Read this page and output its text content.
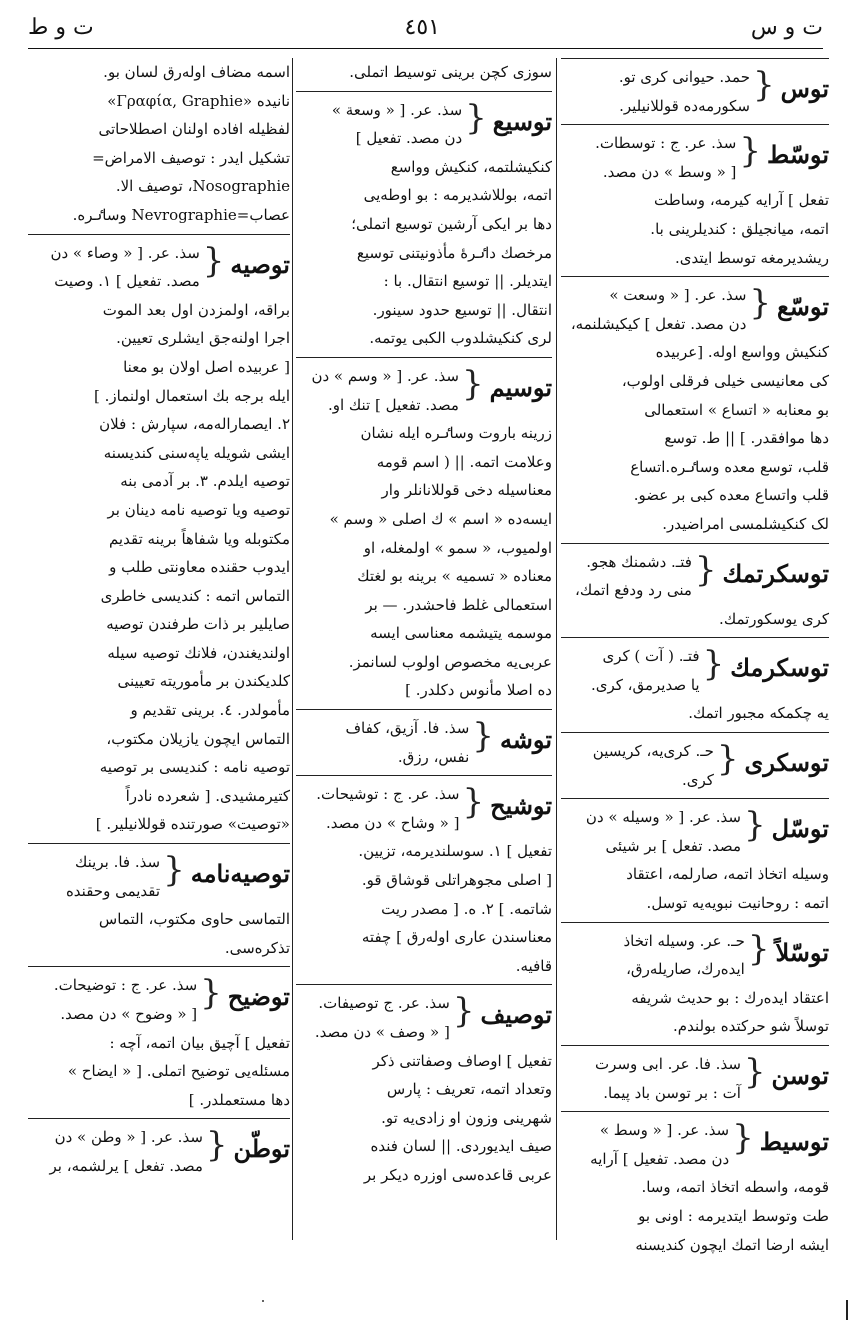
ت و ط	٤٥١	ت و س
توس
{
حمد. حیوانی کری تو.
سکورمه‌ده قوللانیلیر.
توسّط
{
سذ. عر. ج : توسطات.
[ « وسط » دن مصد.
تفعل ] آرایه کیرمه، وساطت
اتمه، میانجیلق : کندیلرینی با.
ریشدیرمغه توسط ایتدی.
توسّع
{
سذ. عر. [ « وسعت »
دن مصد. تفعل ] کیکیشلنمه،
کنکیش وواسع اوله. [عربیده
کی معانیسی خیلی فرقلی اولوب،
بو معنابه « اتساع » استعمالی
دها موافقدر. ] || ط. توسع
قلب، توسع معده وساٸره.اتساع
قلب واتساع معده کبی بر عضو.
لک کنکیشلمسی امراضیدر.
توسکرتمك
{
فتـ. دشمنك هجو.
منی رد ودفع اتمك،
کری یوسکورتمك.
توسکرمك
{
فتـ. ( آت ) کری
یا صدیرمق، کری.
یه چکمکه مجبور اتمك.
توسکری
{
حـ. کری‌یه، کریسین
کری.
توسّل
{
سذ. عر. [ « وسیله » دن
مصد. تفعل ] بر شیئی
وسیله اتخاذ اتمه، صارلمه، اعتقاد
اتمه : روحانیت نبویه‌یه توسل.
توسّلاً
{
حـ. عر. وسیله اتخاذ
ایده‌رك، صاریله‌رق،
اعتقاد ایده‌رك : بو حدیث شریفه
توسلاً شو حرکتده بولندم.
توسن
{
سذ. فا. عر. ابی وسرت
آت : بر توسن باد پیما.
توسیط
{
سذ. عر. [ « وسط »
دن مصد. تفعیل ] آرایه
قومه، واسطه اتخاذ اتمه، وسا.
طت وتوسط ایتدیرمه : اونی بو
ایشه ارضا اتمك ایچون کندیسنه
سوزی کچن برینی توسیط اتملی.
توسیع
{
سذ. عر. [ « وسعة »
دن مصد. تفعیل ]
کنکیشلتمه، کنکیش وواسع
اتمه، بوللاشدیرمه : بو اوطه‌یی
دها بر ایکی آرشین توسیع اتملی؛
مرخصك داٸرهٔ مأذونیتنی توسیع
ایتدیلر. || توسیع انتقال. با :
انتقال. || توسیع حدود سینور.
لری کنکیشلدوب الکبی یوتمه.
توسیم
{
سذ. عر. [ « وسم » دن
مصد. تفعیل ] تنك او.
زرینه باروت وساٸره ایله نشان
وعلامت اتمه. || ( اسم قومه
معناسیله دخی قوللانانلر وار
ایسه‌ده « اسم » ك اصلی « وسم »
اولمیوب، « سمو » اولمغله، او
معناده « تسمیه » برینه بو لغتك
استعمالی غلط فاحشدر. — بر
موسمه یتیشمه معناسی ایسه
عربی‌یه مخصوص اولوب لسانمز.
ده اصلا مأنوس دکلدر. ]
توشه
{
سذ. فا. آزیق، کفاف
نفس، رزق.
توشیح
{
سذ. عر. ج : توشیحات.
[ « وشاح » دن مصد.
تفعیل ] ١. سوسلندیرمه، تزیین.
[ اصلی مجوهراتلی قوشاق قو.
شاتمه. ] ٢. ه. [ مصدر ریت
معناسندن عاری اوله‌رق ] چفته
قافیه.
توصیف
{
سذ. عر. ج توصیفات.
[ « وصف » دن مصد.
تفعیل ] اوصاف وصفاتنی ذکر
وتعداد اتمه، تعریف : پارس
شهرینی وزون او زادی‌یه تو.
صیف ایدیوردی. || لسان فنده
عربی قاعده‌سی اوزره دیکر بر
اسمه مضاف اوله‌رق لسان بو.
نانیده «Γραφία, Graphie»
لفظیله افاده اولنان اصطلاحاتی
تشکیل ایدر : توصیف الامراض=
Nosographie، توصیف الا.
عصاب=Nevrographie وساٸره.
توصیه
{
سذ. عر. [ « وصاء » دن
مصد. تفعیل ] ١. وصیت
براقه، اولمزدن اول بعد الموت
اجرا اولنه‌جق ایشلری تعیین.
[ عربیده اصل اولان بو معنا
ایله برجه بك استعمال اولنماز. ]
٢. ایصماراله‌مه، سپارش : فلان
ایشی شویله یاپه‌سنی کندیسنه
توصیه ایلدم. ٣. بر آدمی بنه
توصیه ویا توصیه نامه دینان بر
مکتوبله ویا شفاهاً برینه تقدیم
ایدوب حقنده معاونتی طلب و
التماس اتمه : کندیسی خاطری
صایلیر بر ذات طرفندن توصیه
اولندیغندن، فلانك توصیه سیله
کلدیکندن بر مأموریته تعیینی
مأمولدر. ٤. برینی تقدیم و
التماس ایچون یازیلان مکتوب،
توصیه نامه : کندیسی بر توصیه
کتیرمشیدی. [ شعرده نادراً
«توصیت» صورتنده قوللانیلیر. ]
توصیه‌نامه
{
سذ. فا. برینك
تقدیمی وحقنده
التماسی حاوی مکتوب، التماس
تذکره‌سی.
توضیح
{
سذ. عر. ج : توضیحات.
[ « وضوح » دن مصد.
تفعیل ] آچیق بیان اتمه، آچه :
مسئله‌یی توضیح اتملی. [ « ایضاح »
دها مستعملدر. ]
توطّن
{
سذ. عر. [ « وطن » دن
مصد. تفعل ] یرلشمه، بر
